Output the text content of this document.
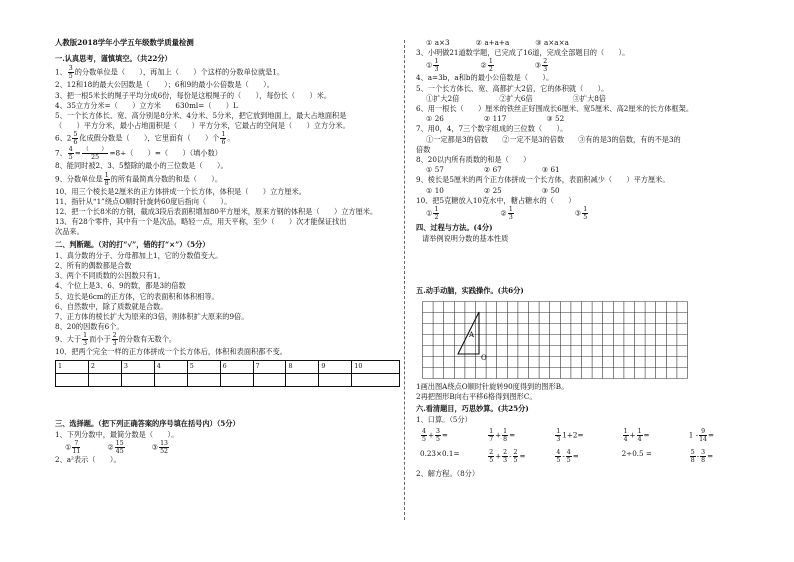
人教版2018学年小学五年级数学质量检测
一.认真思考，谨慎填空。（共22分）
1、 $\frac{3}{5}$ 的分数单位是（　　），再加上（　　）个这样的分数单位就是1。
2、12和18的最大公因数是（　　）；6和9的最小公倍数是（　　）。
3、把一根5米长的绳子平均分成6份，每份是这根绳子的（　　），每份长（　　）米。
4、35立方分米=（　　）立方米　　630ml=（　　）L
5、一个长方体长、宽、高分别是8分米、4分米、5分米，把它放到地面上，最大占地面积是
（　　）平方分米，最小占地面积是（　　）平方分米，它最占的空间是（　　）立方分米。
6、$2 \frac{5}{6}$ 化成假分数是（　　），它里面有（　　）个 $\frac{1}{6}$ 。
7、 $\frac{4}{5} = \frac{( )}{25} =8\div$（　　）=（　　）（填小数）
8、能同时被2、3、5整除的最小的三位数是（　　）。
9、分数单位是 $\frac{1}{8}$ 的所有最简真分数的和是（　　）。
10、用三个棱长是2厘米的正方体拼成一个长方体，体积是（　　）立方厘米。
11、指针从“1”绕点O顺时针旋转60度后指向（　　）。
12、把一个长8米的方钢，截成3段后表面积增加80平方厘米，原来方钢的体积是（　　）立方厘米。
13、有28个零件，其中有一个是次品，略轻一点，用天平称，至少（　　）次才能保证找出
次品来。
二、判断题。（对的打“√”，错的打“×”）（5分）
1、真分数的分子、分母都加上1，它的分数值变大。
2、所有的偶数都是合数
3、两个不同质数的公因数只有1。
4、个位上是3、6、9的数，都是3的倍数
5、边长是6cm的正方体，它的表面积和体积相等。
6、自然数中，除了质数就是合数。
7、正方体的棱长扩大为原来的3倍，则体积扩大原来的9倍。
8、20的因数有6个。
9、大于 $\frac{1}{3}$ 而小于 $\frac{2}{3}$ 的分数有无数个。
10、把两个完全一样的正方体拼成一个长方体后，体积和表面积都不变。
1	2	3	4	5	6	7	8	9	10

三、选择题。（把下列正确答案的序号填在括号内）（5分）
1、下列分数中，最简分数是（　　）。
① $\frac{7}{11}$	② $\frac{15}{45}$	③ $\frac{13}{52}$
2、a²表示（　　）。
① a×3	② a+a+a	③ a×a×a
3、小明做21道数学题，已完成了16道，完成全部题目的（　　）。
① $\frac{1}{3}$	② $\frac{1}{2}$	③ $\frac{2}{3}$
4、a=3b，a和b的最小公倍数是（　　）。
5、一个长方体长、宽、高都扩大2倍，它的体积就（　　）。
①扩大2倍	②扩大6倍	③扩大8倍
6、用一根长（　　）厘米的铁丝正好围成长6厘米、宽5厘米、高2厘米的长方体框架。
① 26	② 117	③ 52
7、用0，4，7三个数字组成的三位数（　　）。
①一定都是3的倍数 ②一定不是3的倍数 ③有的是3的倍数，有的不是3的
倍数
8、20以内所有质数的和是（　　）
① 57	② 67	③ 61
9、棱长是5厘米的两个正方体拼成一个长方体，表面积减少（　　）平方厘米。
① 10	② 25	③ 50
10、把5克糖放入10克水中，糖占糖水的（　　）
① $\frac{1}{2}$	② $\frac{1}{3}$	③ $\frac{1}{5}$
四、过程与方法。(4分)
请举例说明分数的基本性质
五.动手动脑，实践操作。(共6分)
A
O
1画出图A绕点O顺时针旋转90度得到的图形B。
2再把图形B向右平移6格得到图形C。
六.看清题目，巧思妙算。(共25分)
1、口算。（5分）
$\frac{4}{5} + \frac{3}{5}$ =	$\frac{1}{7} + \frac{1}{8}$ =	$\frac{1}{3} 1+2=$	$\frac{1}{4} + \frac{1}{4}$ =	$1 - \frac{9}{14}$ =
0.23×0.1=	$\frac{2}{5} + \frac{2}{3} - \frac{2}{5}$ =	$\frac{4}{5} - \frac{4}{5}$ =	2÷0.5 =	$\frac{5}{8} - \frac{3}{8}$ =
2、解方程。（8分）
